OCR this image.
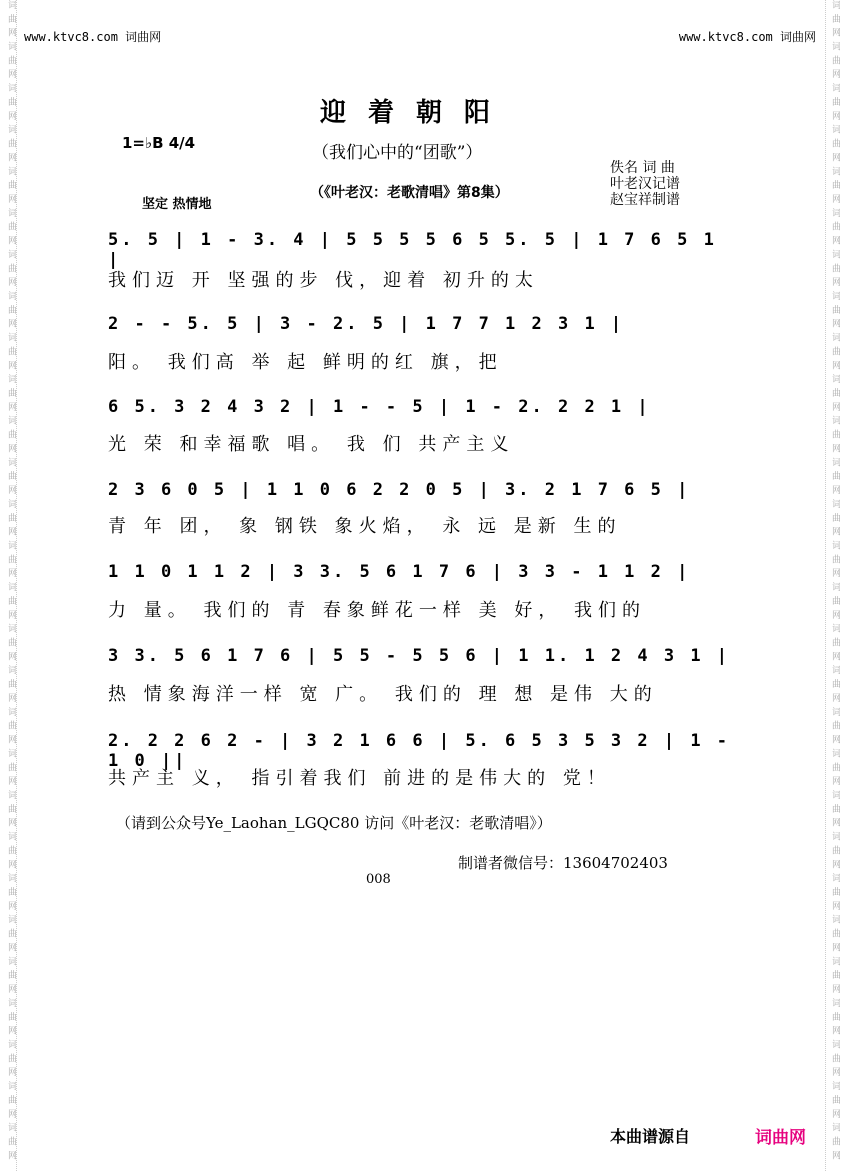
词 曲 网 词 曲 网 词 曲 网 词 曲 网 词 曲 网 词 曲 网 词 曲 网 词 曲 网 词 曲 网 词 曲 网 词 曲 网 词 曲 网 词 曲 网 词 曲 网 词 曲 网 词 曲 网 词 曲 网 词 曲 网 词 曲 网 词 曲 网 词 曲 网 词 曲 网 词 曲 网 词 曲 网 词 曲 网 词 曲 网 词 曲 网 词 曲 网	词 曲 网 词 曲 网 词 曲 网 词 曲 网 词 曲 网 词 曲 网 词 曲 网 词 曲 网 词 曲 网 词 曲 网 词 曲 网 词 曲 网 词 曲 网 词 曲 网 词 曲 网 词 曲 网 词 曲 网 词 曲 网 词 曲 网 词 曲 网 词 曲 网 词 曲 网 词 曲 网 词 曲 网 词 曲 网 词 曲 网 词 曲 网 词 曲 网
www.ktvc8.com 词曲网	www.ktvc8.com 词曲网
迎着朝阳
1=♭B 4/4	（我们心中的“团歌”）
（《叶老汉：老歌清唱》第8集）
坚定 热情地
佚名 词 曲
叶老汉记谱
赵宝祥制谱
5. 5 | 1 - 3. 4 | 5 5 5 5 6 5 5. 5 | 1 7 6 5 1 |
我们迈 开 坚强的步 伐，迎着 初升的太
2 - - 5. 5 | 3 - 2. 5 | 1 7 7 1 2 3 1 |
阳。 我们高 举 起 鲜明的红 旗，把
6 5. 3 2 4 3 2 | 1 - - 5 | 1 - 2. 2 2 1 |
光 荣 和幸福歌 唱。 我 们 共产主义
2 3 6 0 5 | 1 1 0 6 2 2 0 5 | 3. 2 1 7 6 5 |
青 年 团， 象 钢铁 象火焰， 永 远 是新 生的
1 1 0 1 1 2 | 3 3. 5 6 1 7 6 | 3 3 - 1 1 2 |
力 量。 我们的 青 春象鲜花一样 美 好， 我们的
3 3. 5 6 1 7 6 | 5 5 - 5 5 6 | 1 1. 1 2 4 3 1 |
热 情象海洋一样 宽 广。 我们的 理 想 是伟 大的
2. 2 2 6 2 - | 3 2 1 6 6 | 5. 6 5 3 5 3 2 | 1 - 1 0 ||
共产主 义， 指引着我们 前进的是伟大的 党！
（请到公众号Ye_Laohan_LGQC80 访问《叶老汉：老歌清唱》）
制谱者微信号：13604702403
008
本曲谱源自	词曲网
